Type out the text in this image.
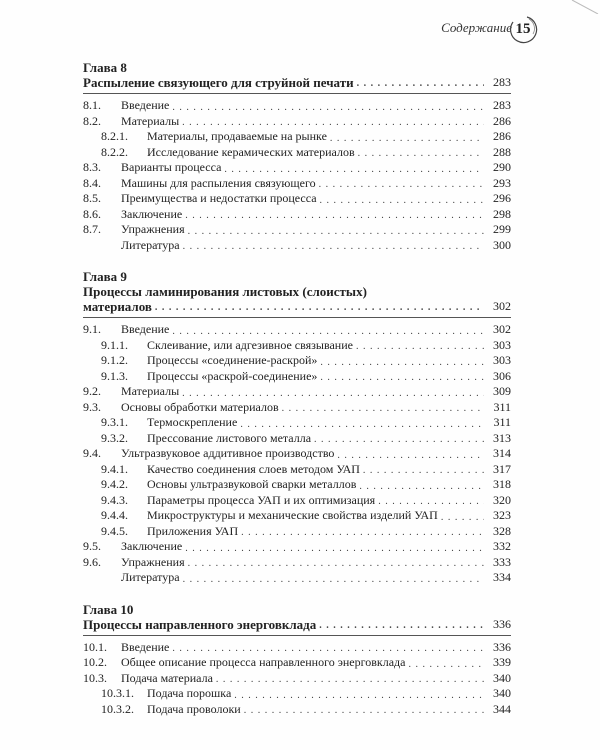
Содержание 15
Глава 8
Распыление связующего для струйной печати . . .	283
8.1.	Введение . . .	283
8.2.	Материалы . . .	286
8.2.1.	Материалы, продаваемые на рынке . . .	286
8.2.2.	Исследование керамических материалов . . .	288
8.3.	Варианты процесса . . .	290
8.4.	Машины для распыления связующего . . .	293
8.5.	Преимущества и недостатки процесса . . .	296
8.6.	Заключение . . .	298
8.7.	Упражнения . . .	299
Литература . . .	300
Глава 9
Процессы ламинирования листовых (слоистых)
материалов . . .	302
9.1.	Введение . . .	302
9.1.1.	Склеивание, или адгезивное связывание . . .	303
9.1.2.	Процессы «соединение-раскрой» . . .	303
9.1.3.	Процессы «раскрой-соединение» . . .	306
9.2.	Материалы . . .	309
9.3.	Основы обработки материалов . . .	311
9.3.1.	Термоскрепление . . .	311
9.3.2.	Прессование листового металла . . .	313
9.4.	Ультразвуковое аддитивное производство . . .	314
9.4.1.	Качество соединения слоев методом УАП . . .	317
9.4.2.	Основы ультразвуковой сварки металлов . . .	318
9.4.3.	Параметры процесса УАП и их оптимизация . . .	320
9.4.4.	Микроструктуры и механические свойства изделий УАП . . .	323
9.4.5.	Приложения УАП . . .	328
9.5.	Заключение . . .	332
9.6.	Упражнения . . .	333
Литература . . .	334
Глава 10
Процессы направленного энерговклада . . .	336
10.1.	Введение . . .	336
10.2.	Общее описание процесса направленного энерговклада . . .	339
10.3.	Подача материала . . .	340
10.3.1.	Подача порошка . . .	340
10.3.2.	Подача проволоки . . .	344
